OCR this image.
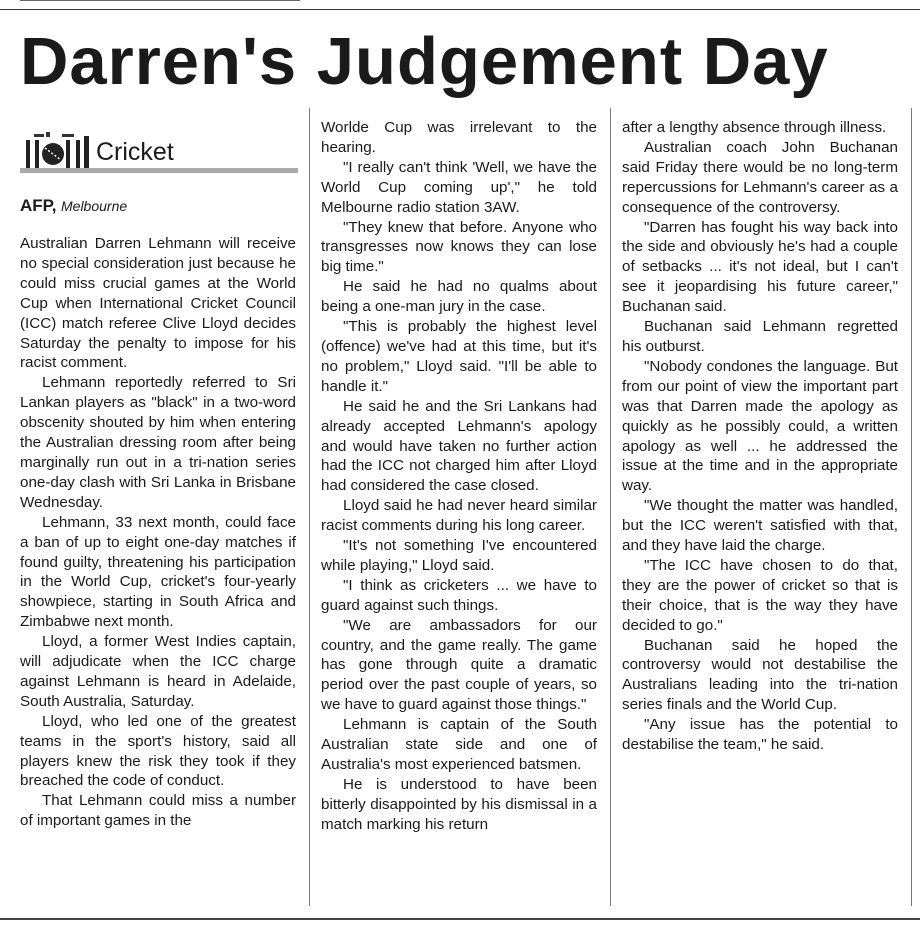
Darren's Judgement Day
Cricket
AFP, Melbourne

Australian Darren Lehmann will receive no special consideration just because he could miss crucial games at the World Cup when International Cricket Council (ICC) match referee Clive Lloyd decides Saturday the penalty to impose for his racist comment.

Lehmann reportedly referred to Sri Lankan players as "black" in a two-word obscenity shouted by him when entering the Australian dressing room after being marginally run out in a tri-nation series one-day clash with Sri Lanka in Brisbane Wednesday.

Lehmann, 33 next month, could face a ban of up to eight one-day matches if found guilty, threatening his participation in the World Cup, cricket's four-yearly showpiece, starting in South Africa and Zimbabwe next month.

Lloyd, a former West Indies captain, will adjudicate when the ICC charge against Lehmann is heard in Adelaide, South Australia, Saturday.

Lloyd, who led one of the greatest teams in the sport's history, said all players knew the risk they took if they breached the code of conduct.

That Lehmann could miss a number of important games in the

Worlde Cup was irrelevant to the hearing.

"I really can't think 'Well, we have the World Cup coming up'," he told Melbourne radio station 3AW.

"They knew that before. Anyone who transgresses now knows they can lose big time."

He said he had no qualms about being a one-man jury in the case.

"This is probably the highest level (offence) we've had at this time, but it's no problem," Lloyd said. "I'll be able to handle it."

He said he and the Sri Lankans had already accepted Lehmann's apology and would have taken no further action had the ICC not charged him after Lloyd had considered the case closed.

Lloyd said he had never heard similar racist comments during his long career.

"It's not something I've encountered while playing," Lloyd said.

"I think as cricketers ... we have to guard against such things.

"We are ambassadors for our country, and the game really. The game has gone through quite a dramatic period over the past couple of years, so we have to guard against those things."

Lehmann is captain of the South Australian state side and one of Australia's most experienced batsmen.

He is understood to have been bitterly disappointed by his dismissal in a match marking his return

after a lengthy absence through illness.

Australian coach John Buchanan said Friday there would be no long-term repercussions for Lehmann's career as a consequence of the controversy.

"Darren has fought his way back into the side and obviously he's had a couple of setbacks ... it's not ideal, but I can't see it jeopardising his future career," Buchanan said.

Buchanan said Lehmann regretted his outburst.

"Nobody condones the language. But from our point of view the important part was that Darren made the apology as quickly as he possibly could, a written apology as well ... he addressed the issue at the time and in the appropriate way.

"We thought the matter was handled, but the ICC weren't satisfied with that, and they have laid the charge.

"The ICC have chosen to do that, they are the power of cricket so that is their choice, that is the way they have decided to go."

Buchanan said he hoped the controversy would not destabilise the Australians leading into the tri-nation series finals and the World Cup.

"Any issue has the potential to destabilise the team," he said.
